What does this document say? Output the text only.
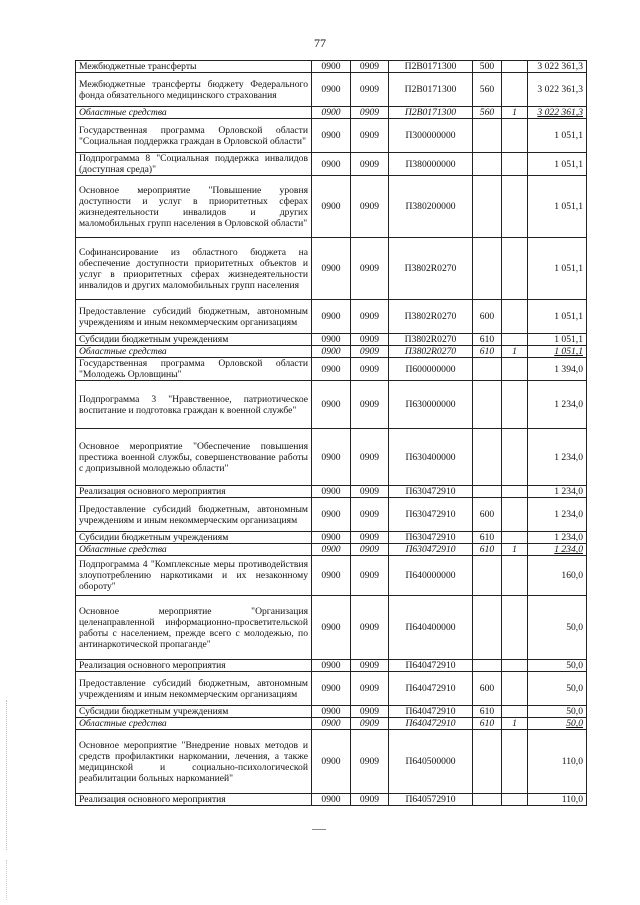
77
Межбюджетные трансферты	0900	0909	П2В0171300	500		3 022 361,3
Межбюджетные трансферты бюджету Федерального фонда обязательного медицинского страхования	0900	0909	П2В0171300	560		3 022 361,3
Областные средства	0900	0909	П2В0171300	560	1	3 022 361,3
Государственная программа Орловской области "Социальная поддержка граждан в Орловской области"	0900	0909	П300000000			1 051,1
Подпрограмма 8 "Социальная поддержка инвалидов (доступная среда)"	0900	0909	П380000000			1 051,1
Основное мероприятие "Повышение уровня доступности и услуг в приоритетных сферах жизнедеятельности инвалидов и других маломобильных групп населения в Орловской области"	0900	0909	П380200000			1 051,1
Софинансирование из областного бюджета на обеспечение доступности приоритетных объектов и услуг в приоритетных сферах жизнедеятельности инвалидов и других маломобильных групп населения	0900	0909	П3802R0270			1 051,1
Предоставление субсидий бюджетным, автономным учреждениям и иным некоммерческим организациям	0900	0909	П3802R0270	600		1 051,1
Субсидии бюджетным учреждениям	0900	0909	П3802R0270	610		1 051,1
Областные средства	0900	0909	П3802R0270	610	1	1 051,1
Государственная программа Орловской области "Молодежь Орловщины"	0900	0909	П600000000			1 394,0
Подпрограмма 3 "Нравственное, патриотическое воспитание и подготовка граждан к военной службе"	0900	0909	П630000000			1 234,0
Основное мероприятие "Обеспечение повышения престижа военной службы, совершенствование работы с допризывной молодежью области"	0900	0909	П630400000			1 234,0
Реализация основного мероприятия	0900	0909	П630472910			1 234,0
Предоставление субсидий бюджетным, автономным учреждениям и иным некоммерческим организациям	0900	0909	П630472910	600		1 234,0
Субсидии бюджетным учреждениям	0900	0909	П630472910	610		1 234,0
Областные средства	0900	0909	П630472910	610	1	1 234,0
Подпрограмма 4 "Комплексные меры противодействия злоупотреблению наркотиками и их незаконному обороту"	0900	0909	П640000000			160,0
Основное мероприятие "Организация целенаправленной информационно-просветительской работы с населением, прежде всего с молодежью, по антинаркотической пропаганде"	0900	0909	П640400000			50,0
Реализация основного мероприятия	0900	0909	П640472910			50,0
Предоставление субсидий бюджетным, автономным учреждениям и иным некоммерческим организациям	0900	0909	П640472910	600		50,0
Субсидии бюджетным учреждениям	0900	0909	П640472910	610		50,0
Областные средства	0900	0909	П640472910	610	1	50,0
Основное мероприятие "Внедрение новых методов и средств профилактики наркомании, лечения, а также медицинской и социально-психологической реабилитации больных наркоманией"	0900	0909	П640500000			110,0
Реализация основного мероприятия	0900	0909	П640572910			110,0
